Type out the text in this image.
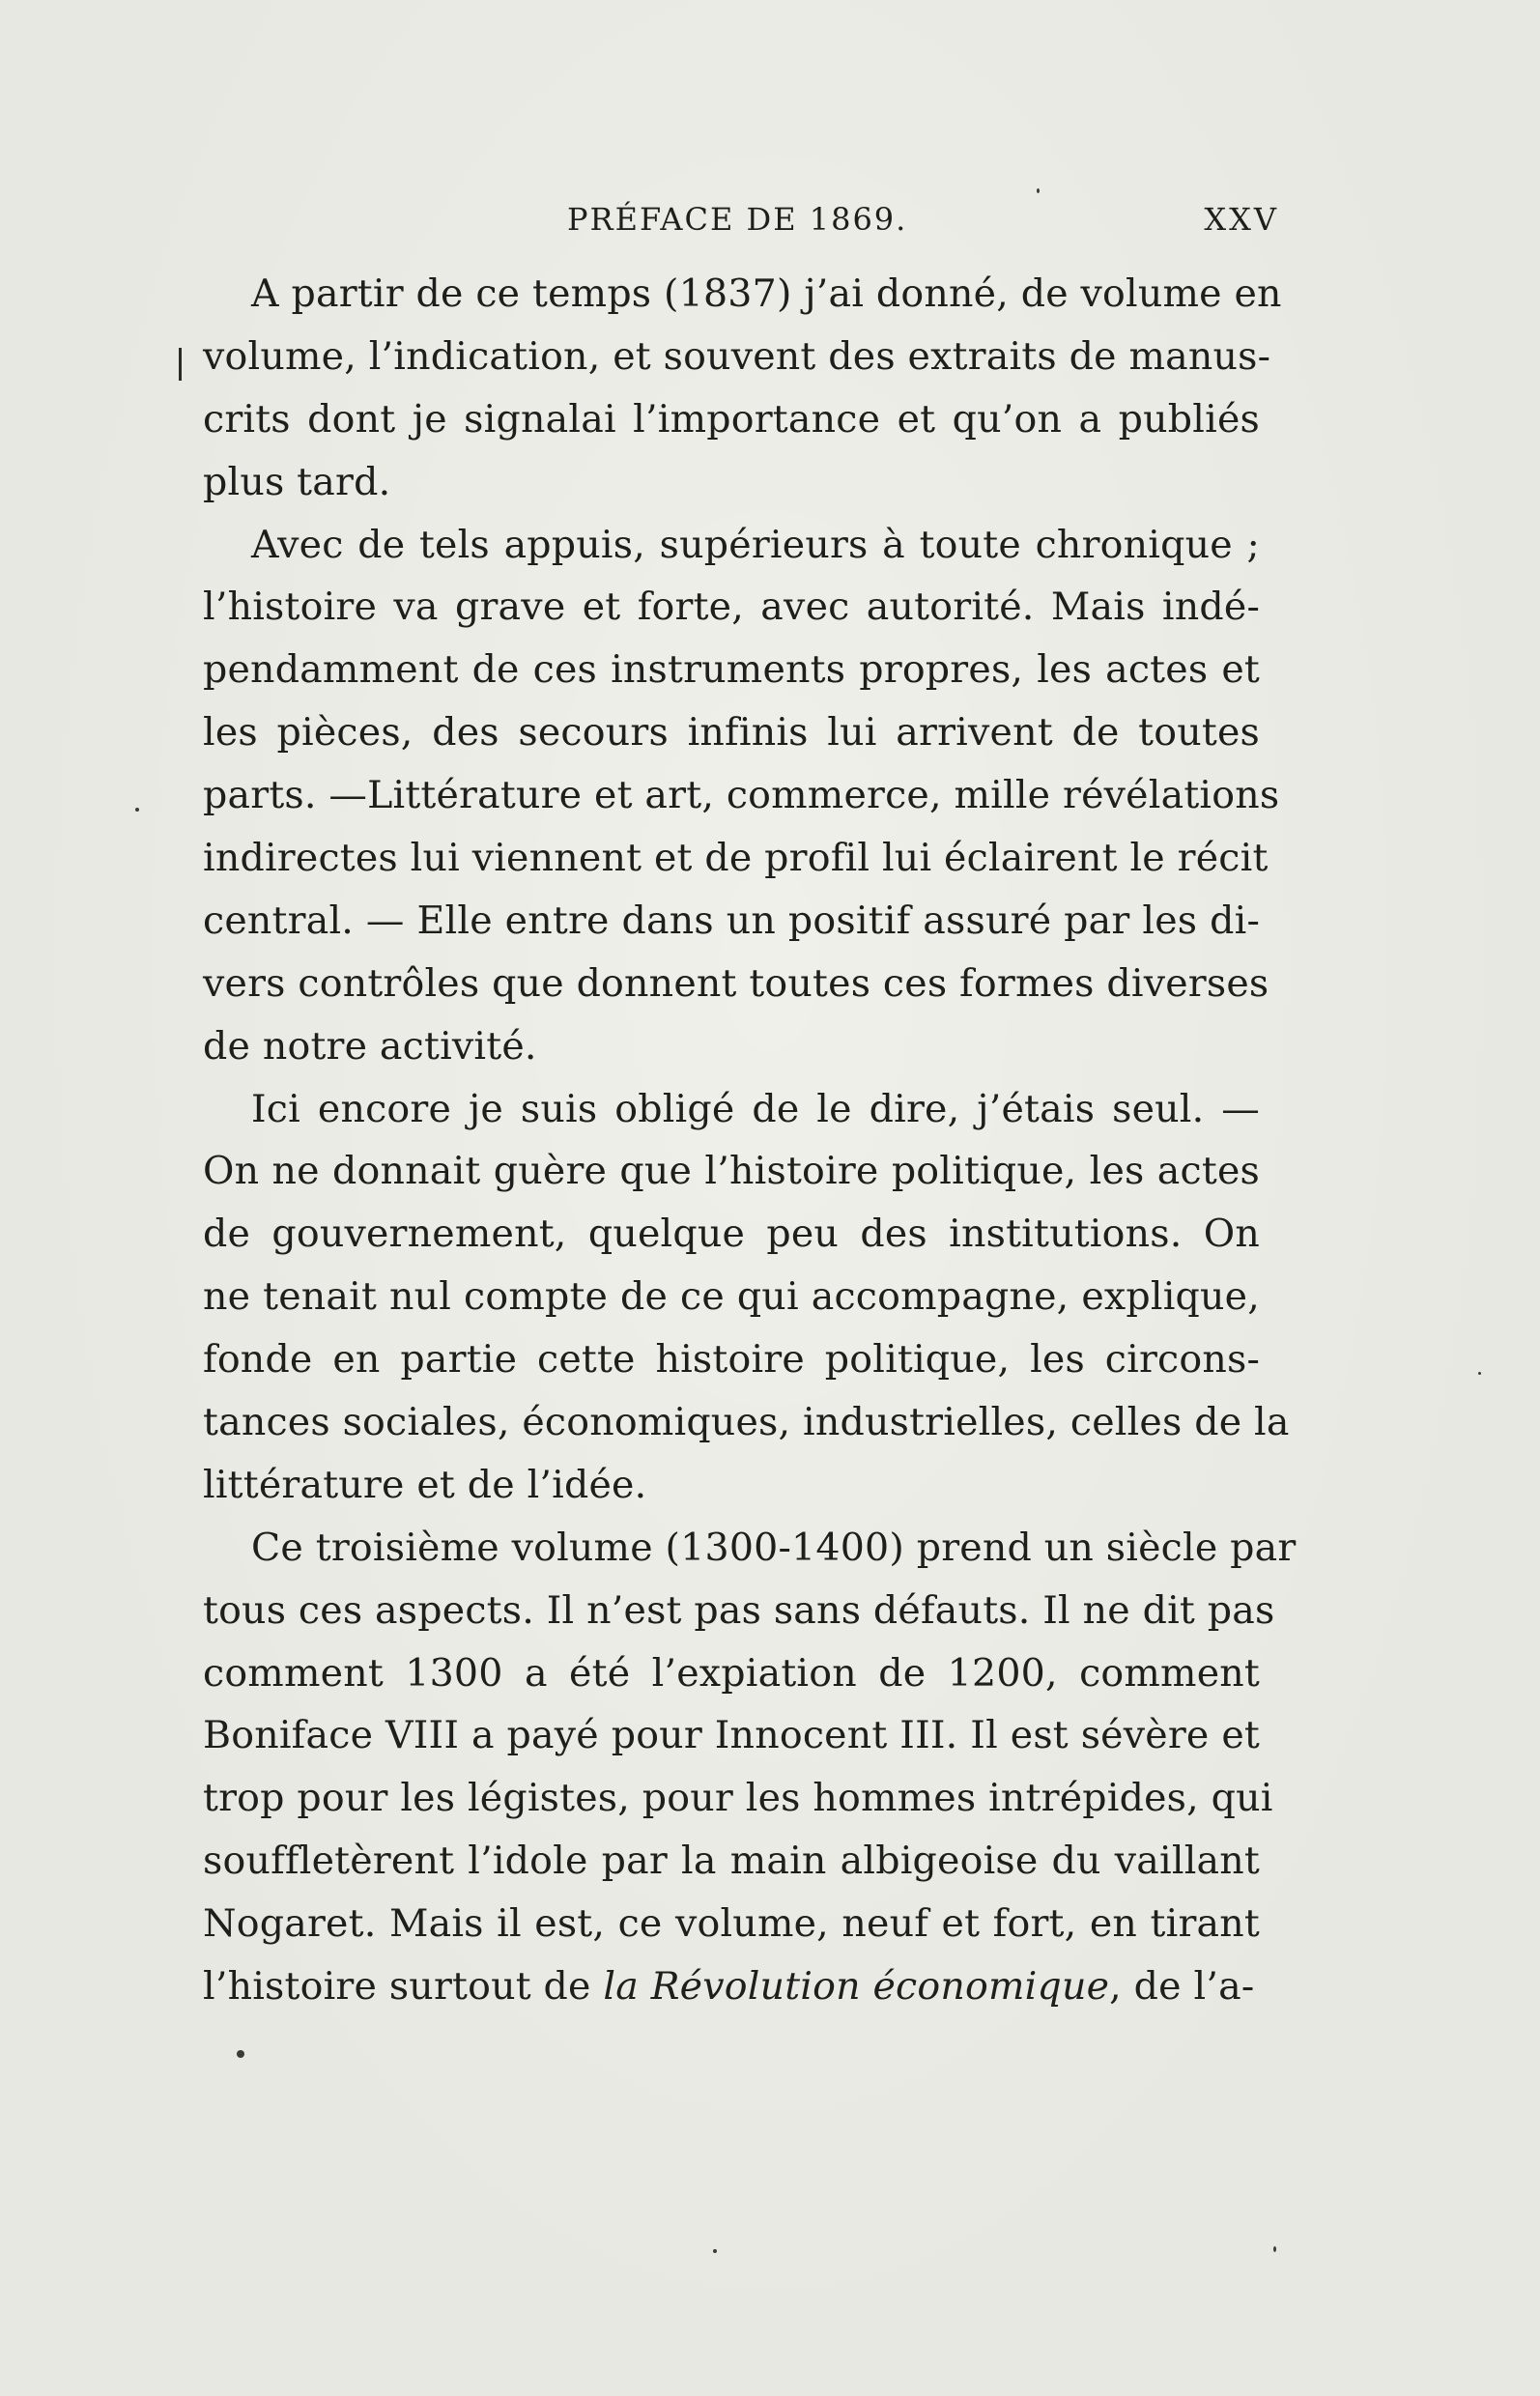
PRÉFACE DE 1869.	XXV
A partir de ce temps (1837) j’ai donné, de volume en
volume, l’indication, et souvent des extraits de manus-
crits dont je signalai l’importance et qu’on a publiés
plus tard.
Avec de tels appuis, supérieurs à toute chronique ;
l’histoire va grave et forte, avec autorité. Mais indé-
pendamment de ces instruments propres, les actes et
les pièces, des secours infinis lui arrivent de toutes
parts. —Littérature et art, commerce, mille révélations
indirectes lui viennent et de profil lui éclairent le récit
central. — Elle entre dans un positif assuré par les di-
vers contrôles que donnent toutes ces formes diverses
de notre activité.
Ici encore je suis obligé de le dire, j’étais seul. —
On ne donnait guère que l’histoire politique, les actes
de gouvernement, quelque peu des institutions. On
ne tenait nul compte de ce qui accompagne, explique,
fonde en partie cette histoire politique, les circons-
tances sociales, économiques, industrielles, celles de la
littérature et de l’idée.
Ce troisième volume (1300-1400) prend un siècle par
tous ces aspects. Il n’est pas sans défauts. Il ne dit pas
comment 1300 a été l’expiation de 1200, comment
Boniface VIII a payé pour Innocent III. Il est sévère et
trop pour les légistes, pour les hommes intrépides, qui
souffletèrent l’idole par la main albigeoise du vaillant
Nogaret. Mais il est, ce volume, neuf et fort, en tirant
l’histoire surtout de la Révolution économique, de l’a-
